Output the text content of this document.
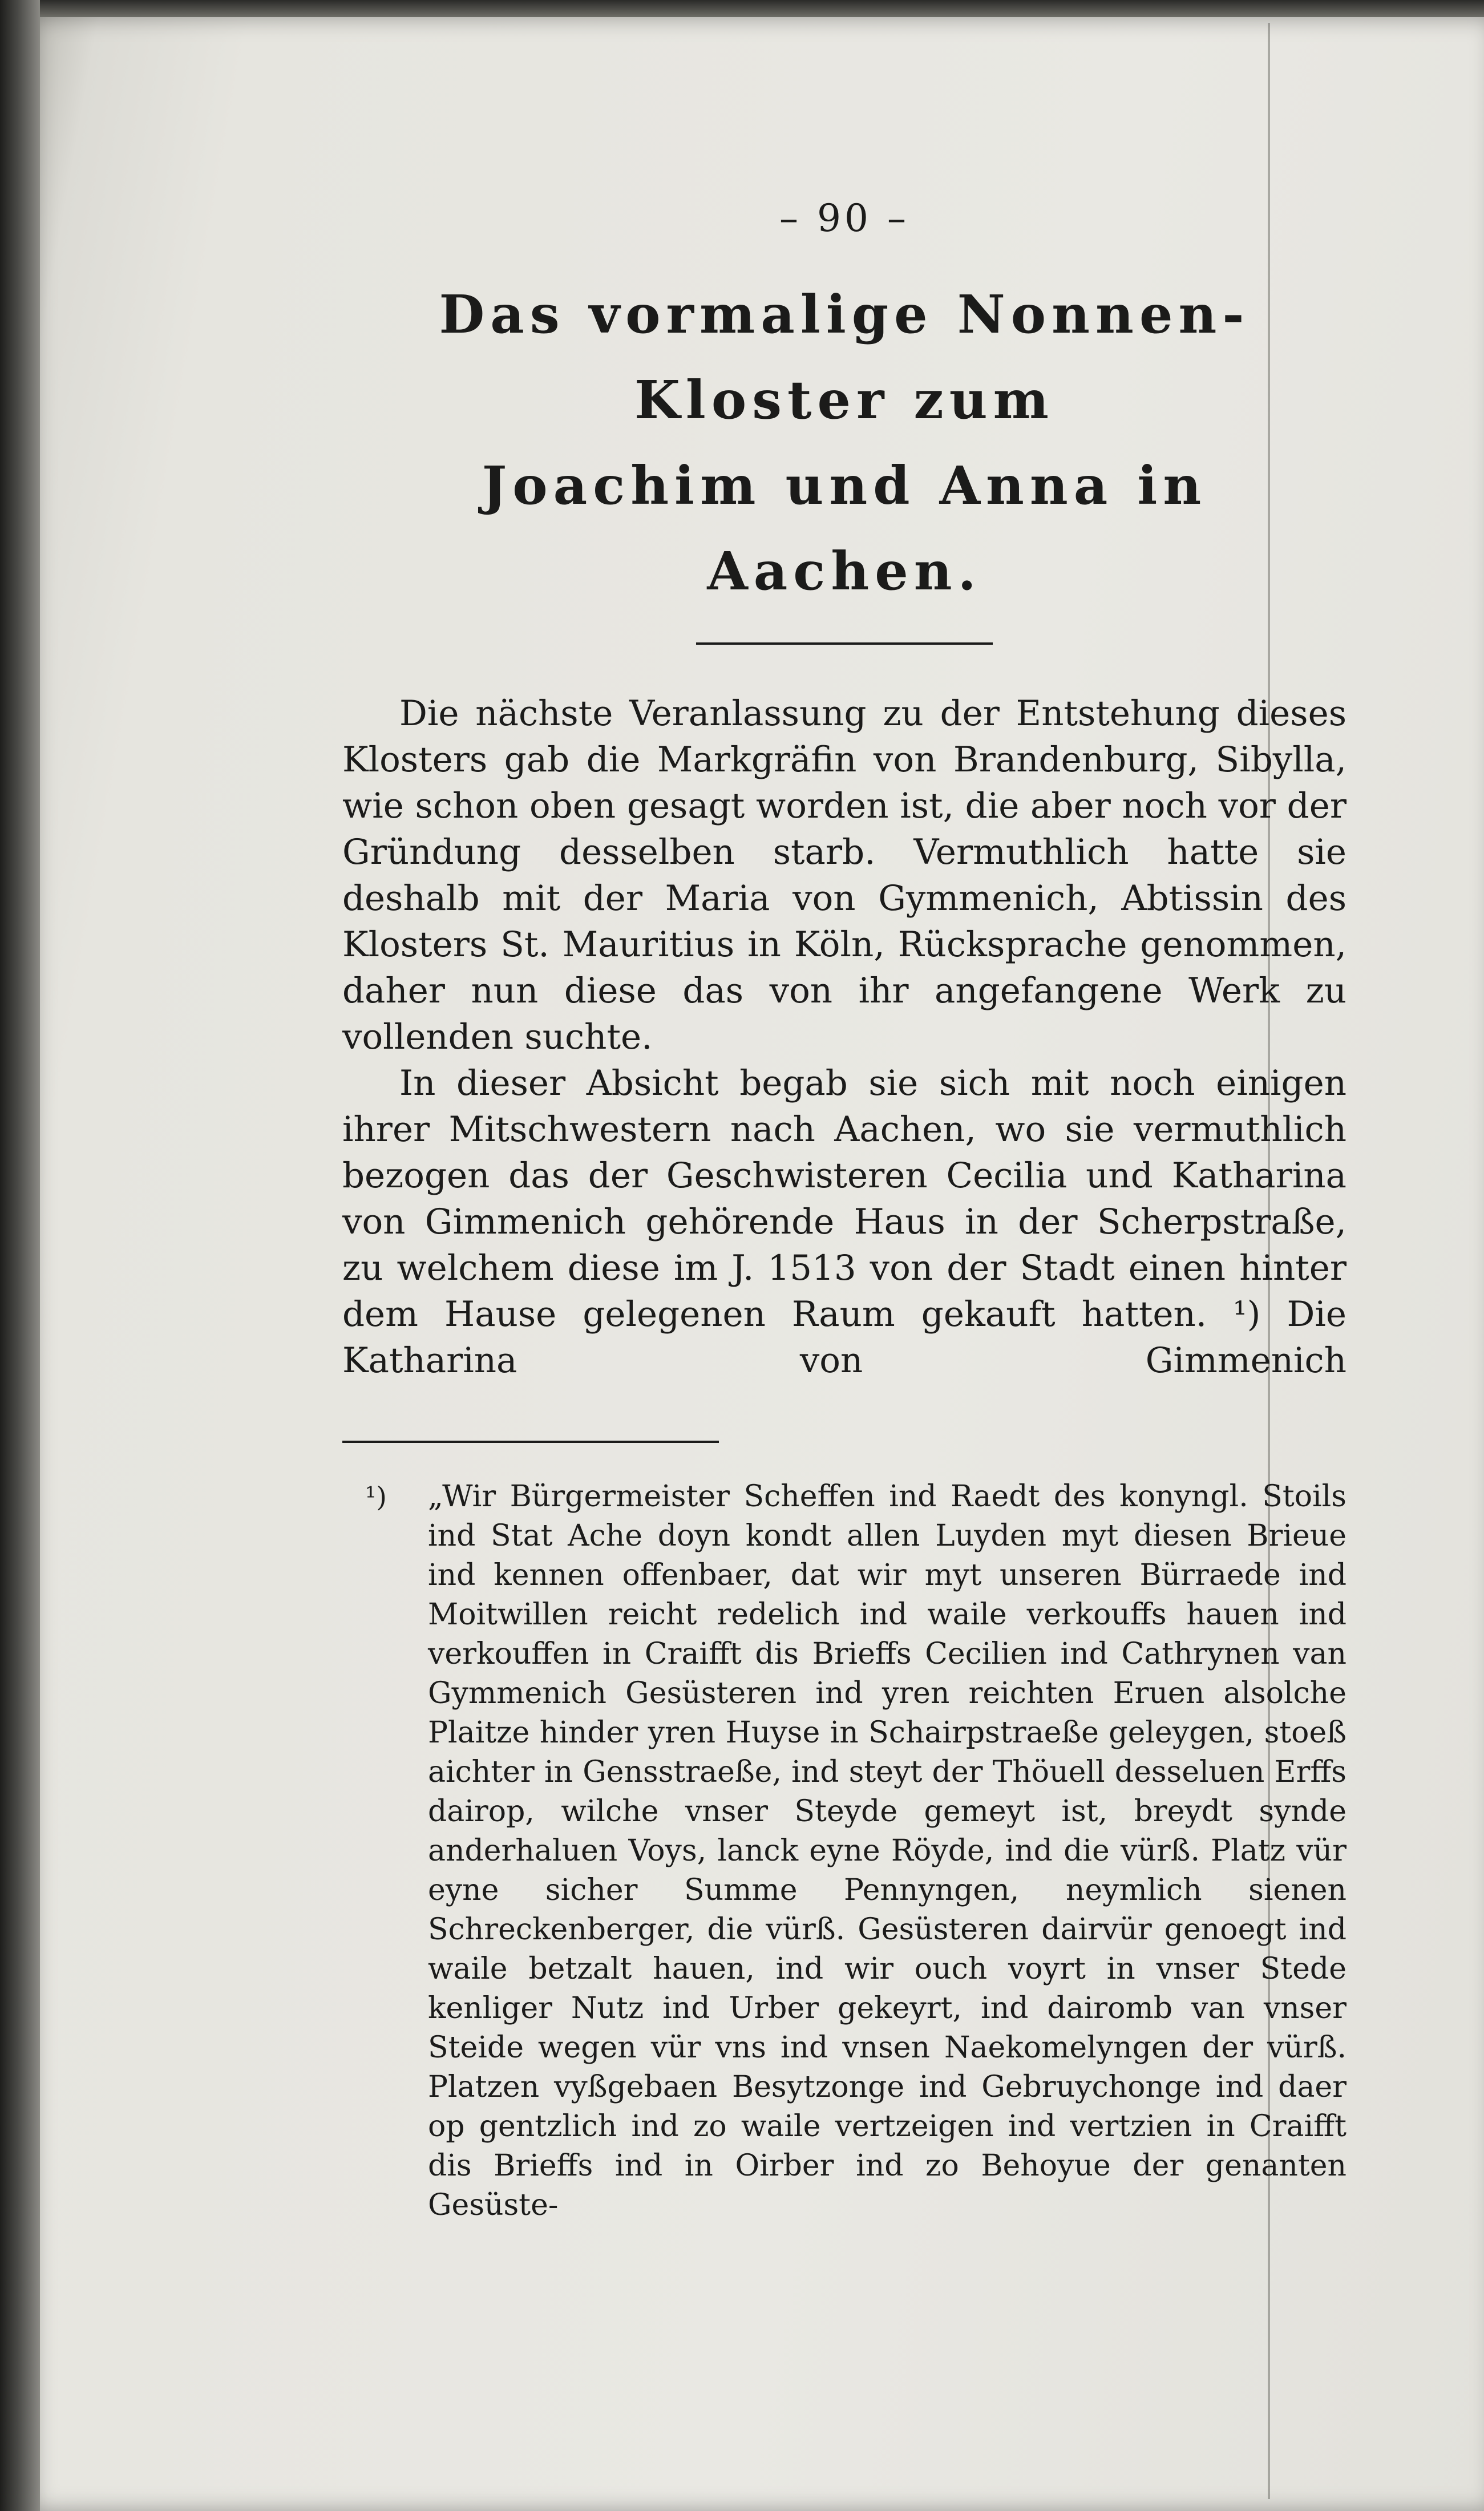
– 90 –
Das vormalige Nonnen-Kloster zum
Joachim und Anna in Aachen.

Die nächste Veranlassung zu der Entstehung dieses Klosters gab die Markgräfin von Brandenburg, Sibylla, wie schon oben gesagt worden ist, die aber noch vor der Gründung desselben starb. Vermuthlich hatte sie deshalb mit der Maria von Gymmenich, Abtissin des Klosters St. Mauritius in Köln, Rücksprache genommen, daher nun diese das von ihr angefangene Werk zu vollenden suchte.

In dieser Absicht begab sie sich mit noch einigen ihrer Mitschwestern nach Aachen, wo sie vermuthlich bezogen das der Geschwisteren Cecilia und Katharina von Gimmenich gehörende Haus in der Scherpstraße, zu welchem diese im J. 1513 von der Stadt einen hinter dem Hause gelegenen Raum gekauft hatten. ¹) Die Katharina von Gimmenich

¹) „Wir Bürgermeister Scheffen ind Raedt des konyngl. Stoils ind Stat Ache doyn kondt allen Luyden myt diesen Brieue ind kennen offenbaer, dat wir myt unseren Bürraede ind Moitwillen reicht redelich ind waile verkouffs hauen ind verkouffen in Craifft dis Brieffs Cecilien ind Cathrynen van Gymmenich Gesüsteren ind yren reichten Eruen alsolche Plaitze hinder yren Huyse in Schairpstraeße geleygen, stoeß aichter in Gensstraeße, ind steyt der Thöuell desseluen Erffs dairop, wilche vnser Steyde gemeyt ist, breydt synde anderhaluen Voys, lanck eyne Röyde, ind die vürß. Platz vür eyne sicher Summe Pennyngen, neymlich sienen Schreckenberger, die vürß. Gesüsteren dairvür genoegt ind waile betzalt hauen, ind wir ouch voyrt in vnser Stede kenliger Nutz ind Urber gekeyrt, ind dairomb van vnser Steide wegen vür vns ind vnsen Naekomelyngen der vürß. Platzen vyßgebaen Besytzonge ind Gebruychonge ind daer op gentzlich ind zo waile vertzeigen ind vertzien in Craifft dis Brieffs ind in Oirber ind zo Behoyue der genanten Gesüste-
